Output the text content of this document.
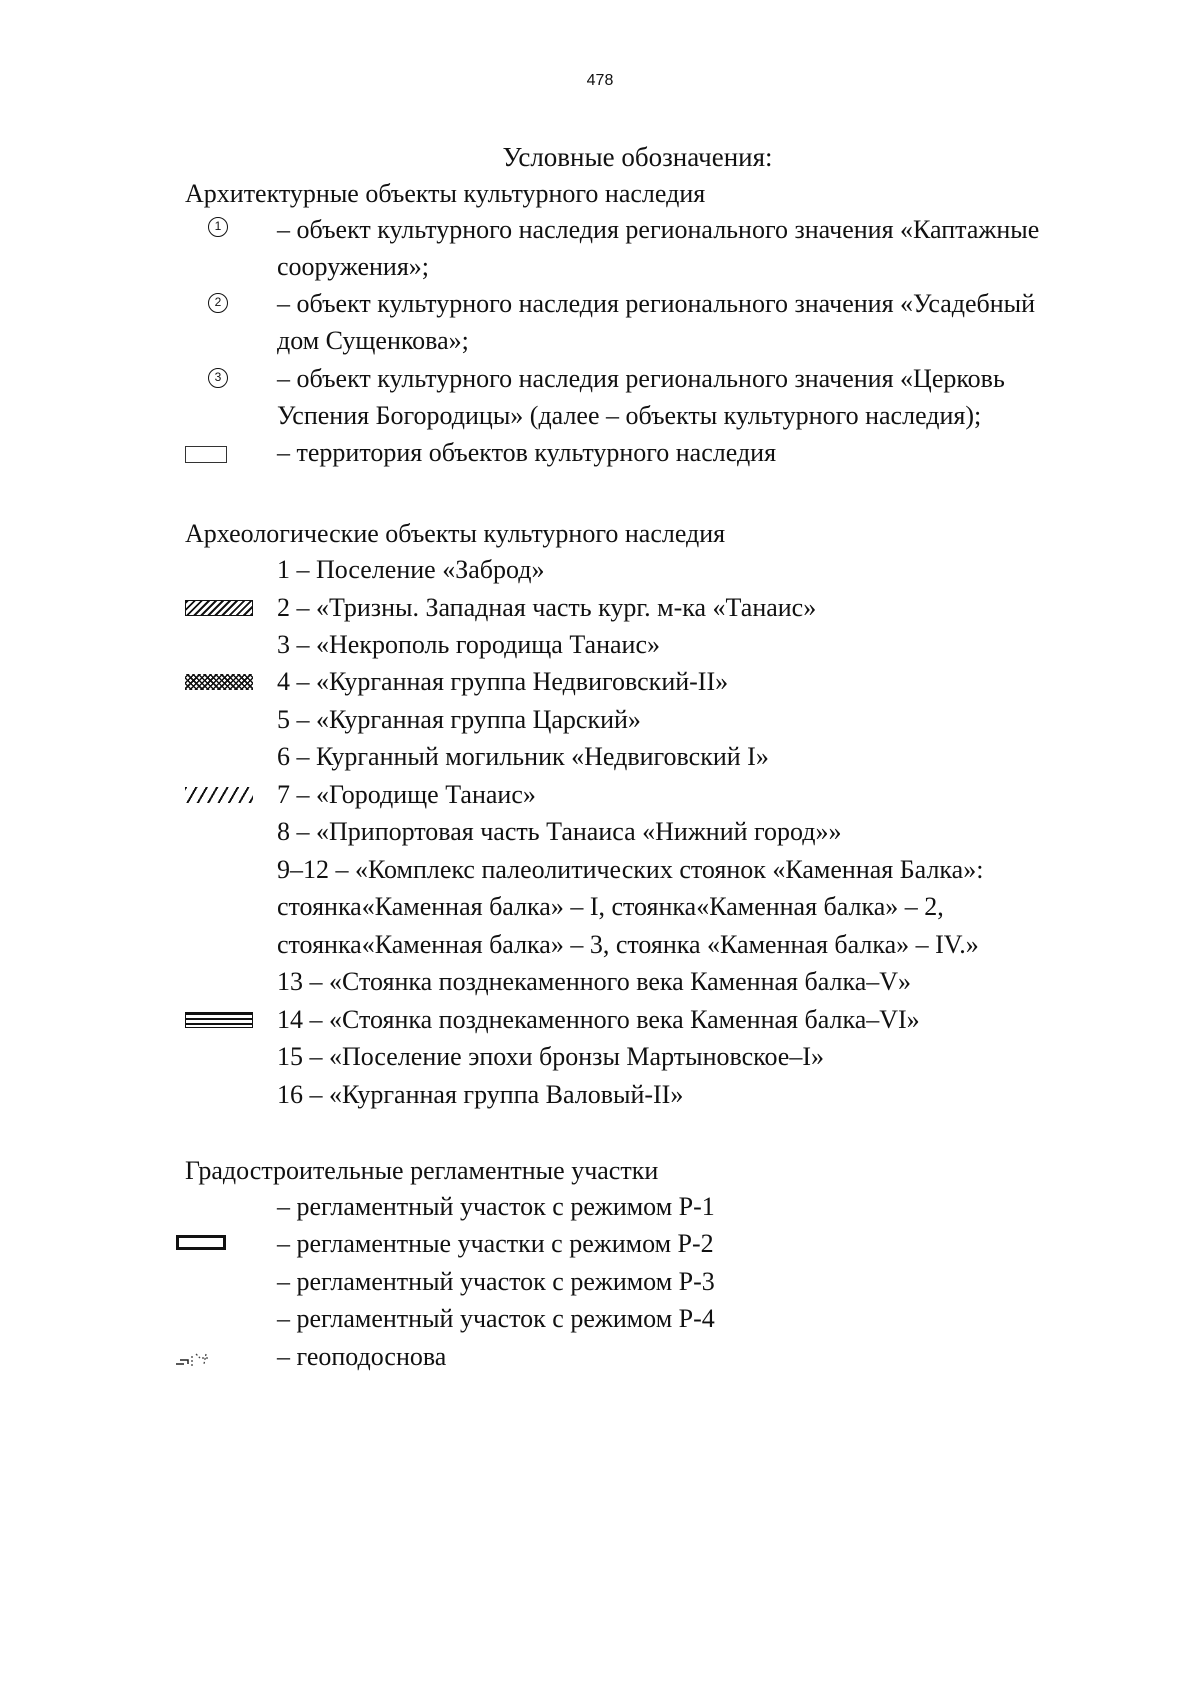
478
Условные обозначения:
Архитектурные объекты культурного наследия
1 – объект культурного наследия регионального значения «Каптажные
сооружения»;
2 – объект культурного наследия регионального значения «Усадебный
дом Сущенкова»;
3 – объект культурного наследия регионального значения «Церковь
Успения Богородицы» (далее – объекты культурного наследия);
– территория объектов культурного наследия
Археологические объекты культурного наследия
1 – Поселение «Заброд»
2 – «Тризны. Западная часть кург. м-ка «Танаис»
3 – «Некрополь городища Танаис»
4 – «Курганная группа Недвиговский-II»
5 – «Курганная группа Царский»
6 – Курганный могильник «Недвиговский I»
7 – «Городище Танаис»
8 – «Припортовая часть Танаиса «Нижний город»»
9–12 – «Комплекс палеолитических стоянок «Каменная Балка»:
стоянка«Каменная балка» – I, стоянка«Каменная балка» – 2,
стоянка«Каменная балка» – 3, стоянка «Каменная балка» – IV.»
13 – «Стоянка позднекаменного века Каменная балка–V»
14 – «Стоянка позднекаменного века Каменная балка–VI»
15 – «Поселение эпохи бронзы Мартыновское–I»
16 – «Курганная группа Валовый-II»
Градостроительные регламентные участки
– регламентный участок с режимом Р-1
– регламентные участки с режимом Р-2
– регламентный участок с режимом Р-3
– регламентный участок с режимом Р-4
– геоподоснова
